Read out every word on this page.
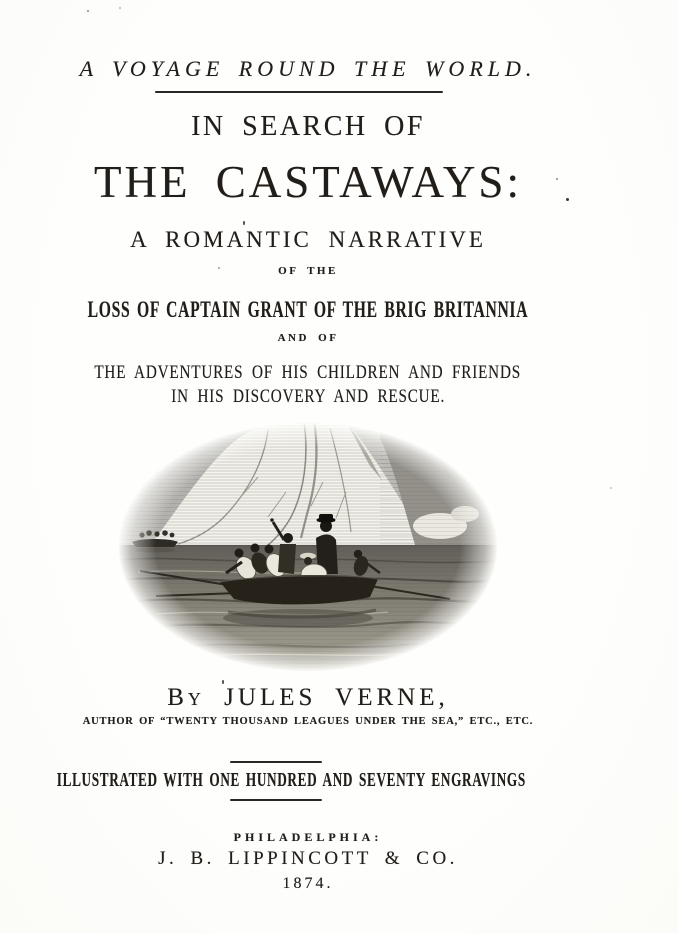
A VOYAGE ROUND THE WORLD.
IN SEARCH OF
THE CASTAWAYS:
A ROMANTIC NARRATIVE
OF THE
LOSS OF CAPTAIN GRANT OF THE BRIG BRITANNIA
AND OF
THE ADVENTURES OF HIS CHILDREN AND FRIENDS
IN HIS DISCOVERY AND RESCUE.
By JULES VERNE,
AUTHOR OF “TWENTY THOUSAND LEAGUES UNDER THE SEA,” ETC., ETC.
ILLUSTRATED WITH ONE HUNDRED AND SEVENTY ENGRAVINGS
PHILADELPHIA:
J. B. LIPPINCOTT & CO.
1874.
